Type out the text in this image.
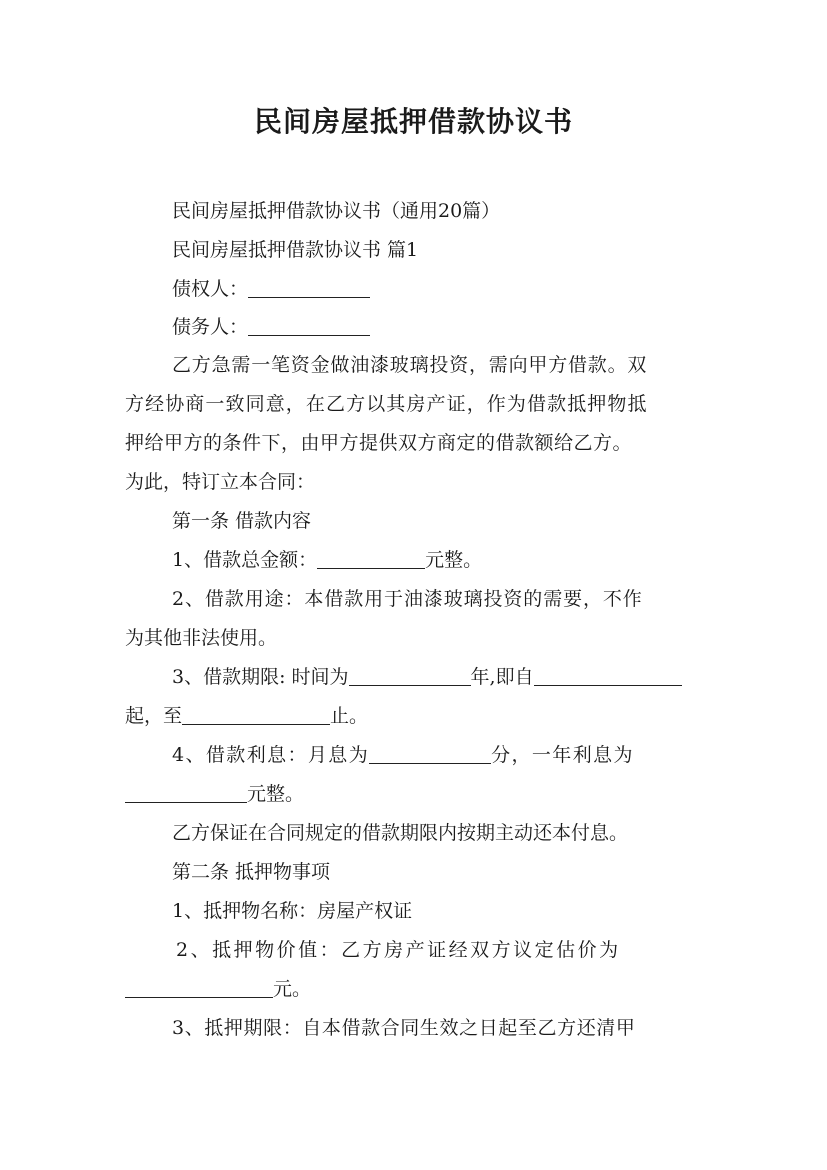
民间房屋抵押借款协议书
民间房屋抵押借款协议书（通用20篇）
民间房屋抵押借款协议书 篇1
债权人：
债务人：
乙方急需一笔资金做油漆玻璃投资，需向甲方借款。双
方经协商一致同意，在乙方以其房产证，作为借款抵押物抵
押给甲方的条件下，由甲方提供双方商定的借款额给乙方。
为此，特订立本合同：
第一条 借款内容
1、借款总金额：	元整。
2、借款用途：本借款用于油漆玻璃投资的需要，不作
为其他非法使用。
3、借款期限: 时间为	年,即自
起，至	止。
4、借款利息：月息为	分，一年利息为
元整。
乙方保证在合同规定的借款期限内按期主动还本付息。
第二条 抵押物事项
1、抵押物名称：房屋产权证
2、抵押物价值：乙方房产证经双方议定估价为
元。
3、抵押期限：自本借款合同生效之日起至乙方还清甲
